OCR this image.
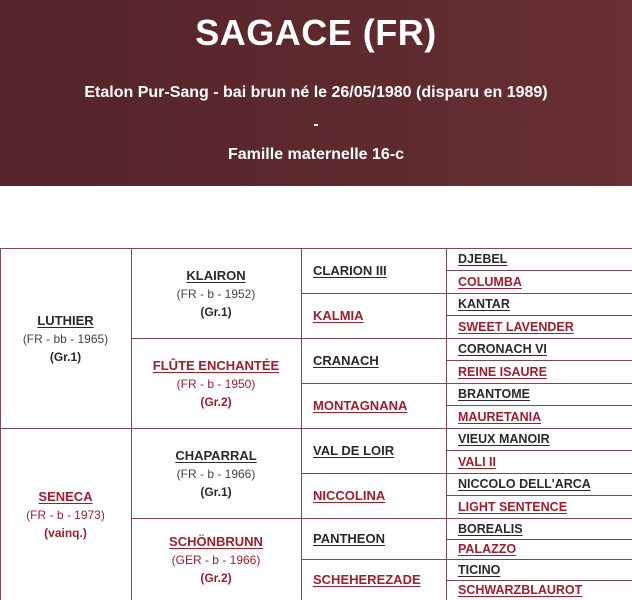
SAGACE (FR)
Etalon Pur-Sang - bai brun né le 26/05/1980 (disparu en 1989)
-
Famille maternelle 16-c
LUTHIER
(FR - bb - 1965)
(Gr.1)
SENECA
(FR - b - 1973)
(vainq.)
KLAIRON
(FR - b - 1952)
(Gr.1)
FLÛTE ENCHANTÉE
(FR - b - 1950)
(Gr.2)
CHAPARRAL
(FR - b - 1966)
(Gr.1)
SCHÖNBRUNN
(GER - b - 1966)
(Gr.2)
CLARION III
KALMIA
CRANACH
MONTAGNANA
VAL DE LOIR
NICCOLINA
PANTHEON
SCHEHEREZADE
DJEBEL
COLUMBA
KANTAR
SWEET LAVENDER
CORONACH VI
REINE ISAURE
BRANTOME
MAURETANIA
VIEUX MANOIR
VALI II
NICCOLO DELL'ARCA
LIGHT SENTENCE
BOREALIS
PALAZZO
TICINO
SCHWARZBLAUROT
